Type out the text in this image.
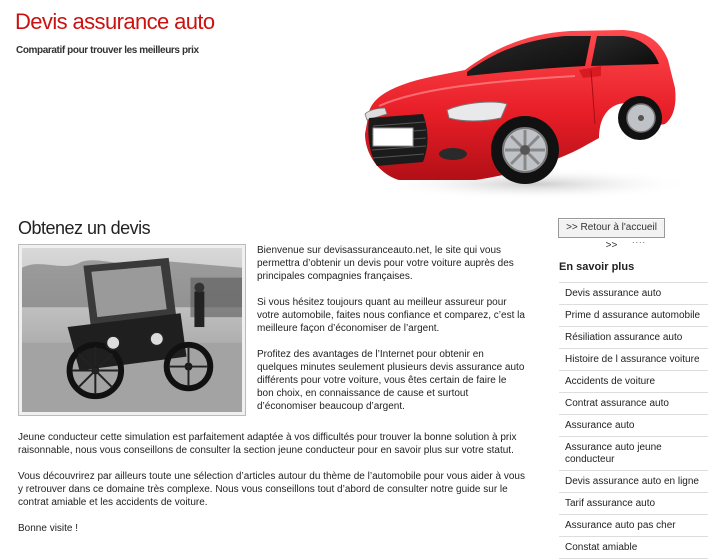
Devis assurance auto
Comparatif pour trouver les meilleurs prix
Obtenez un devis

Bienvenue sur devisassuranceauto.net, le site qui vous permettra d’obtenir un devis pour votre voiture auprès des principales compagnies françaises.

Si vous hésitez toujours quant au meilleur assureur pour votre automobile, faites nous confiance et comparez, c’est la meilleure façon d’économiser de l’argent.

Profitez des avantages de l’Internet pour obtenir en quelques minutes seulement plusieurs devis assurance auto différents pour votre voiture, vous êtes certain de faire le bon choix, en connaissance de cause et surtout d’économiser beaucoup d’argent.

Jeune conducteur cette simulation est parfaitement adaptée à vos difficultés pour trouver la bonne solution à prix raisonnable, nous vous conseillons de consulter la section jeune conducteur pour en savoir plus sur votre statut.

Vous découvrirez par ailleurs toute une sélection d’articles autour du thème de l’automobile pour vous aider à vous y retrouver dans ce domaine très complexe. Nous vous conseillons tout d’abord de consulter notre guide sur le contrat amiable et les accidents de voiture.

Bonne visite !

>> Retour à l'accueil >>	....
En savoir plus
Devis assurance auto
Prime d assurance automobile
Résiliation assurance auto
Histoire de l assurance voiture
Accidents de voiture
Contrat assurance auto
Assurance auto
Assurance auto jeune conducteur
Devis assurance auto en ligne
Tarif assurance auto
Assurance auto pas cher
Constat amiable
